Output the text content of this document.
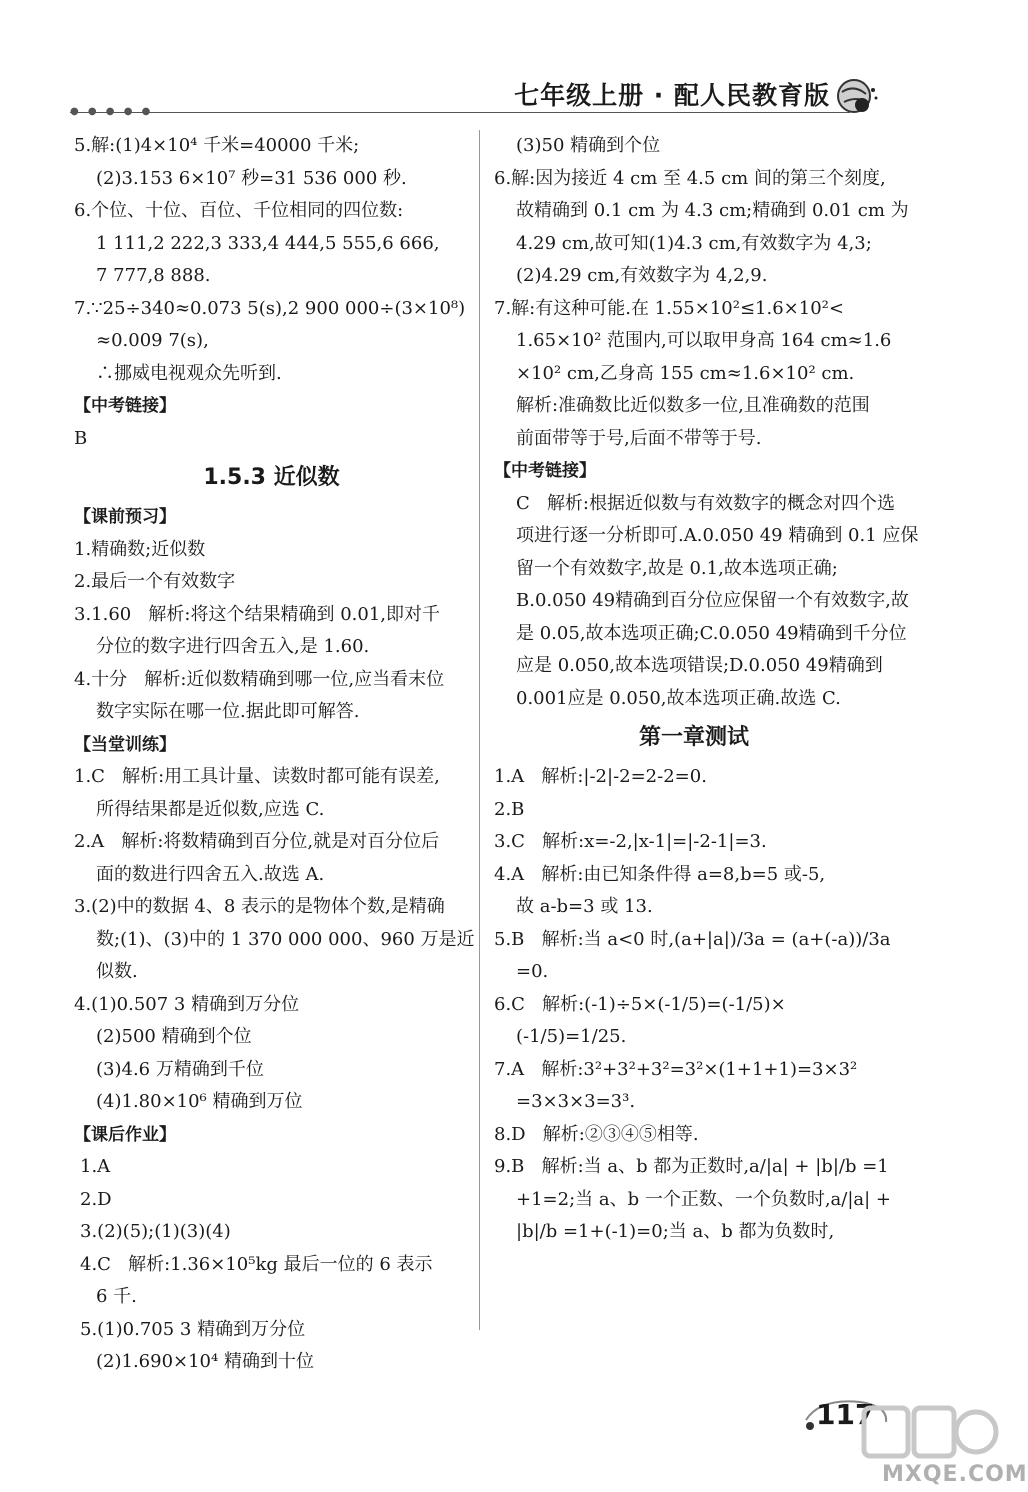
七年级上册 · 配人民教育版
5.解:(1)4×10⁴ 千米=40000 千米;
(2)3.153 6×10⁷ 秒=31 536 000 秒.
6.个位、十位、百位、千位相同的四位数:
1 111,2 222,3 333,4 444,5 555,6 666,
7 777,8 888.
7.∵25÷340≈0.073 5(s),2 900 000÷(3×10⁸)
≈0.009 7(s),
∴挪威电视观众先听到.
【中考链接】
B
1.5.3 近似数
【课前预习】
1.精确数;近似数
2.最后一个有效数字
3.1.60   解析:将这个结果精确到 0.01,即对千
分位的数字进行四舍五入,是 1.60.
4.十分   解析:近似数精确到哪一位,应当看末位
数字实际在哪一位.据此即可解答.
【当堂训练】
1.C   解析:用工具计量、读数时都可能有误差,
所得结果都是近似数,应选 C.
2.A   解析:将数精确到百分位,就是对百分位后
面的数进行四舍五入.故选 A.
3.(2)中的数据 4、8 表示的是物体个数,是精确
数;(1)、(3)中的 1 370 000 000、960 万是近
似数.
4.(1)0.507 3 精确到万分位
(2)500 精确到个位
(3)4.6 万精确到千位
(4)1.80×10⁶ 精确到万位
【课后作业】
1.A
2.D
3.(2)(5);(1)(3)(4)
4.C   解析:1.36×10⁵kg 最后一位的 6 表示
6 千.
5.(1)0.705 3 精确到万分位
(2)1.690×10⁴ 精确到十位
(3)50 精确到个位
6.解:因为接近 4 cm 至 4.5 cm 间的第三个刻度,
故精确到 0.1 cm 为 4.3 cm;精确到 0.01 cm 为
4.29 cm,故可知(1)4.3 cm,有效数字为 4,3;
(2)4.29 cm,有效数字为 4,2,9.
7.解:有这种可能.在 1.55×10²≤1.6×10²<
1.65×10² 范围内,可以取甲身高 164 cm≈1.6
×10² cm,乙身高 155 cm≈1.6×10² cm.
解析:准确数比近似数多一位,且准确数的范围
前面带等于号,后面不带等于号.
【中考链接】
C   解析:根据近似数与有效数字的概念对四个选
项进行逐一分析即可.A.0.050 49 精确到 0.1 应保
留一个有效数字,故是 0.1,故本选项正确;
B.0.050 49精确到百分位应保留一个有效数字,故
是 0.05,故本选项正确;C.0.050 49精确到千分位
应是 0.050,故本选项错误;D.0.050 49精确到
0.001应是 0.050,故本选项正确.故选 C.
第一章测试
1.A   解析:|-2|-2=2-2=0.
2.B
3.C   解析:x=-2,|x-1|=|-2-1|=3.
4.A   解析:由已知条件得 a=8,b=5 或-5,
故 a-b=3 或 13.
5.B   解析:当 a<0 时,(a+|a|)/3a = (a+(-a))/3a
=0.
6.C   解析:(-1)÷5×(-1/5)=(-1/5)×
(-1/5)=1/25.
7.A   解析:3²+3²+3²=3²×(1+1+1)=3×3²
=3×3×3=3³.
8.D   解析:②③④⑤相等.
9.B   解析:当 a、b 都为正数时,a/|a| + |b|/b =1
+1=2;当 a、b 一个正数、一个负数时,a/|a| +
|b|/b =1+(-1)=0;当 a、b 都为负数时,
117
MXQE.COM
